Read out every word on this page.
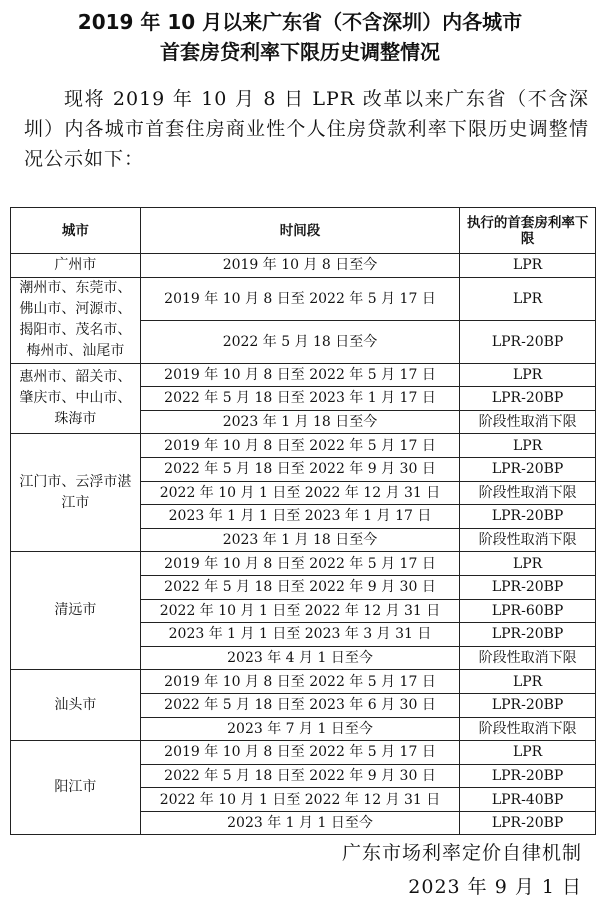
2019 年 10 月以来广东省（不含深圳）内各城市
首套房贷利率下限历史调整情况
现将 2019 年 10 月 8 日 LPR 改革以来广东省（不含深圳）内各城市首套住房商业性个人住房贷款利率下限历史调整情况公示如下：
城市	时间段	执行的首套房利率下限
广州市	2019 年 10 月 8 日至今	LPR
潮州市、东莞市、佛山市、河源市、揭阳市、茂名市、梅州市、汕尾市	2019 年 10 月 8 日至 2022 年 5 月 17 日	LPR
	2022 年 5 月 18 日至今	LPR-20BP
惠州市、韶关市、肇庆市、中山市、珠海市	2019 年 10 月 8 日至 2022 年 5 月 17 日	LPR
	2022 年 5 月 18 日至 2023 年 1 月 17 日	LPR-20BP
	2023 年 1 月 18 日至今	阶段性取消下限
江门市、云浮市湛江市	2019 年 10 月 8 日至 2022 年 5 月 17 日	LPR
	2022 年 5 月 18 日至 2022 年 9 月 30 日	LPR-20BP
	2022 年 10 月 1 日至 2022 年 12 月 31 日	阶段性取消下限
	2023 年 1 月 1 日至 2023 年 1 月 17 日	LPR-20BP
	2023 年 1 月 18 日至今	阶段性取消下限
清远市	2019 年 10 月 8 日至 2022 年 5 月 17 日	LPR
	2022 年 5 月 18 日至 2022 年 9 月 30 日	LPR-20BP
	2022 年 10 月 1 日至 2022 年 12 月 31 日	LPR-60BP
	2023 年 1 月 1 日至 2023 年 3 月 31 日	LPR-20BP
	2023 年 4 月 1 日至今	阶段性取消下限
汕头市	2019 年 10 月 8 日至 2022 年 5 月 17 日	LPR
	2022 年 5 月 18 日至 2023 年 6 月 30 日	LPR-20BP
	2023 年 7 月 1 日至今	阶段性取消下限
阳江市	2019 年 10 月 8 日至 2022 年 5 月 17 日	LPR
	2022 年 5 月 18 日至 2022 年 9 月 30 日	LPR-20BP
	2022 年 10 月 1 日至 2022 年 12 月 31 日	LPR-40BP
	2023 年 1 月 1 日至今	LPR-20BP
广东市场利率定价自律机制
2023 年 9 月 1 日
